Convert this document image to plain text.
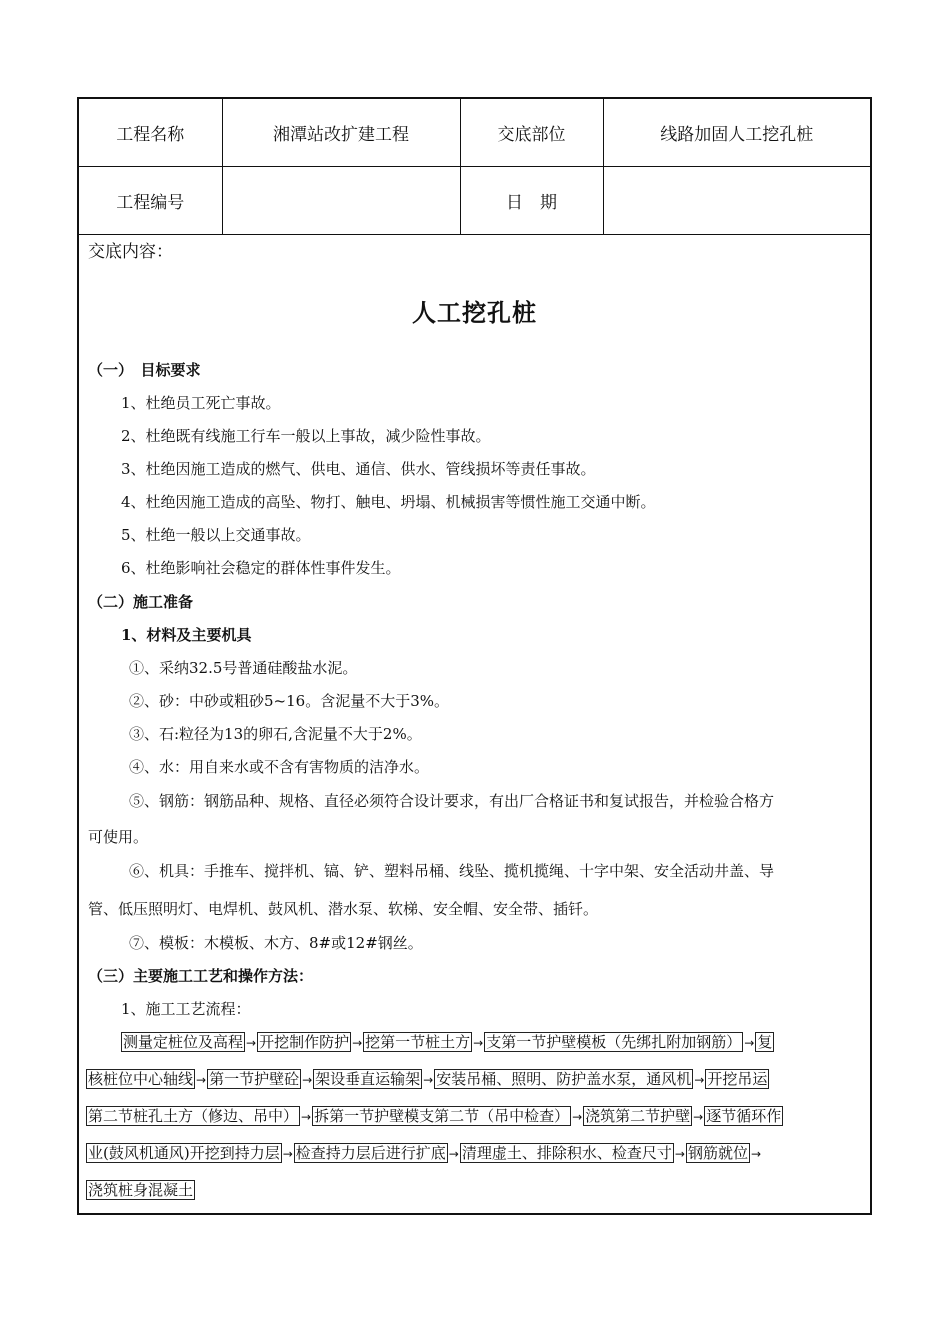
工程名称	湘潭站改扩建工程	交底部位	线路加固人工挖孔桩
工程编号		日　期	
交底内容：
人工挖孔桩
（一）　目标要求
1、杜绝员工死亡事故。
2、杜绝既有线施工行车一般以上事故，减少险性事故。
3、杜绝因施工造成的燃气、供电、通信、供水、管线损坏等责任事故。
4、杜绝因施工造成的高坠、物打、触电、坍塌、机械损害等惯性施工交通中断。
5、杜绝一般以上交通事故。
6、杜绝影响社会稳定的群体性事件发生。
（二）施工准备
1、材料及主要机具
①、采纳32.5号普通硅酸盐水泥。
②、砂：中砂或粗砂5~16。含泥量不大于3%。
③、石:粒径为13的卵石,含泥量不大于2%。
④、水：用自来水或不含有害物质的洁净水。
⑤、钢筋：钢筋品种、规格、直径必须符合设计要求，有出厂合格证书和复试报告，并检验合格方
可使用。
⑥、机具：手推车、搅拌机、镐、铲、塑料吊桶、线坠、揽机揽绳、十字中架、安全活动井盖、导
管、低压照明灯、电焊机、鼓风机、潜水泵、软梯、安全帽、安全带、插钎。
⑦、模板：木模板、木方、8#或12#钢丝。
（三）主要施工工艺和操作方法：
1、施工工艺流程：
测量定桩位及高程 → 开挖制作防护 → 挖第一节桩土方 → 支第一节护壁模板（先绑扎附加钢筋） → 复
核桩位中心轴线 → 第一节护壁砼 → 架设垂直运输架 → 安装吊桶、照明、防护盖水泵，通风机 → 开挖吊运
第二节桩孔土方（修边、吊中） → 拆第一节护壁模支第二节（吊中检查） → 浇筑第二节护壁 → 逐节循环作
业(鼓风机通风)开挖到持力层 → 检查持力层后进行扩底 → 清理虚土、排除积水、检查尺寸 → 钢筋就位 →
浇筑桩身混凝土
